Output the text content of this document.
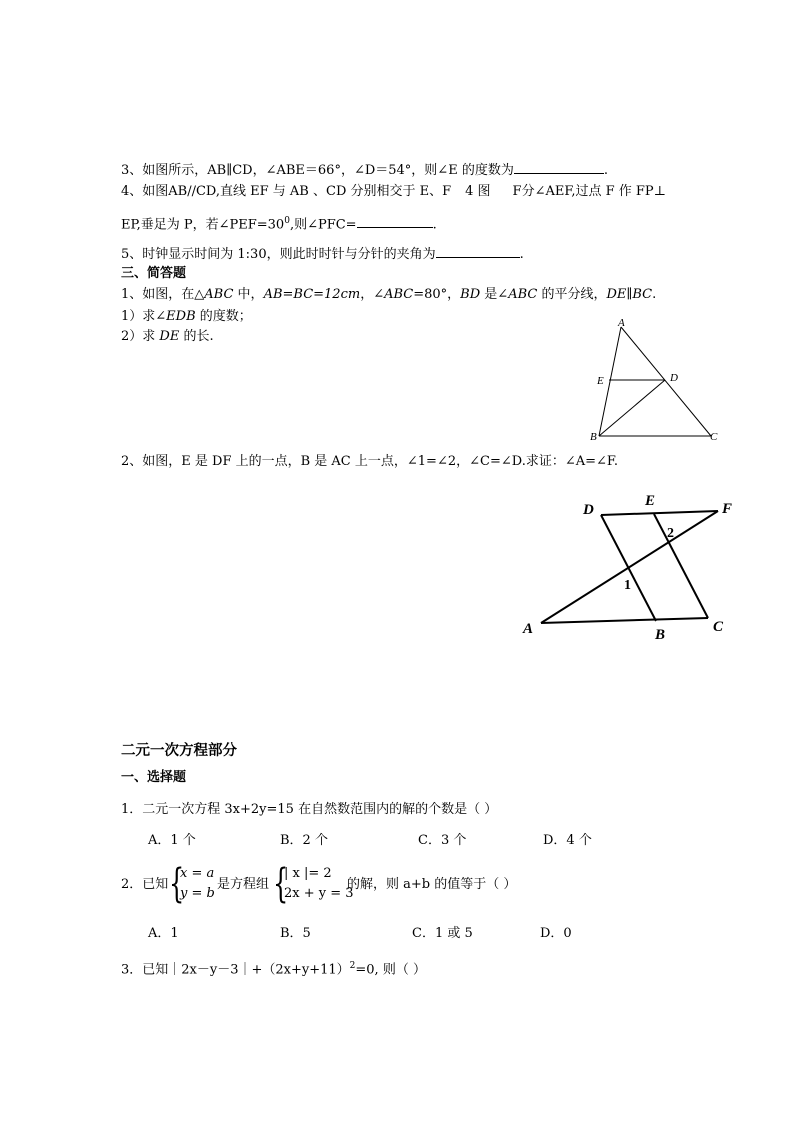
3、如图所示，AB∥CD，∠ABE＝66°，∠D＝54°，则∠E 的度数为	.
4、如图AB//CD,直线 EF 与 AB 、CD 分别相交于 E、F 4 图 F分∠AEF,过点 F 作 FP⊥
EP,垂足为 P，若$\angle PEF=30^0$,则∠PFC=	.
5、时钟显示时间为 1:30，则此时时针与分针的夹角为	.
三、简答题
1、如图，在△ABC 中，AB=BC=12cm，∠ABC=80°，BD 是∠ABC 的平分线，DE∥BC.
1）求∠EDB 的度数；
2）求 DE 的长.
A
E	D
B	C
2、如图，E 是 DF 上的一点，B 是 AC 上一点，∠1=∠2，∠C=∠D.求证：∠A=∠F.
D
E	F
A	B	C
1
2
二元一次方程部分
一、选择题
1．二元一次方程 3x+2y=15 在自然数范围内的解的个数是（ ）
A．1 个	B．2 个	C．3 个	D．4 个
2．已知 {
x = a
y = b
是方程组 {
| x |= 2
2x + y = 3
的解，则 a+b 的值等于（ ）
A．1	B．5	C．1 或 5	D．0
3．已知$|2x-y-3|+(2x+y+11)^2=0$, 则（ ）
